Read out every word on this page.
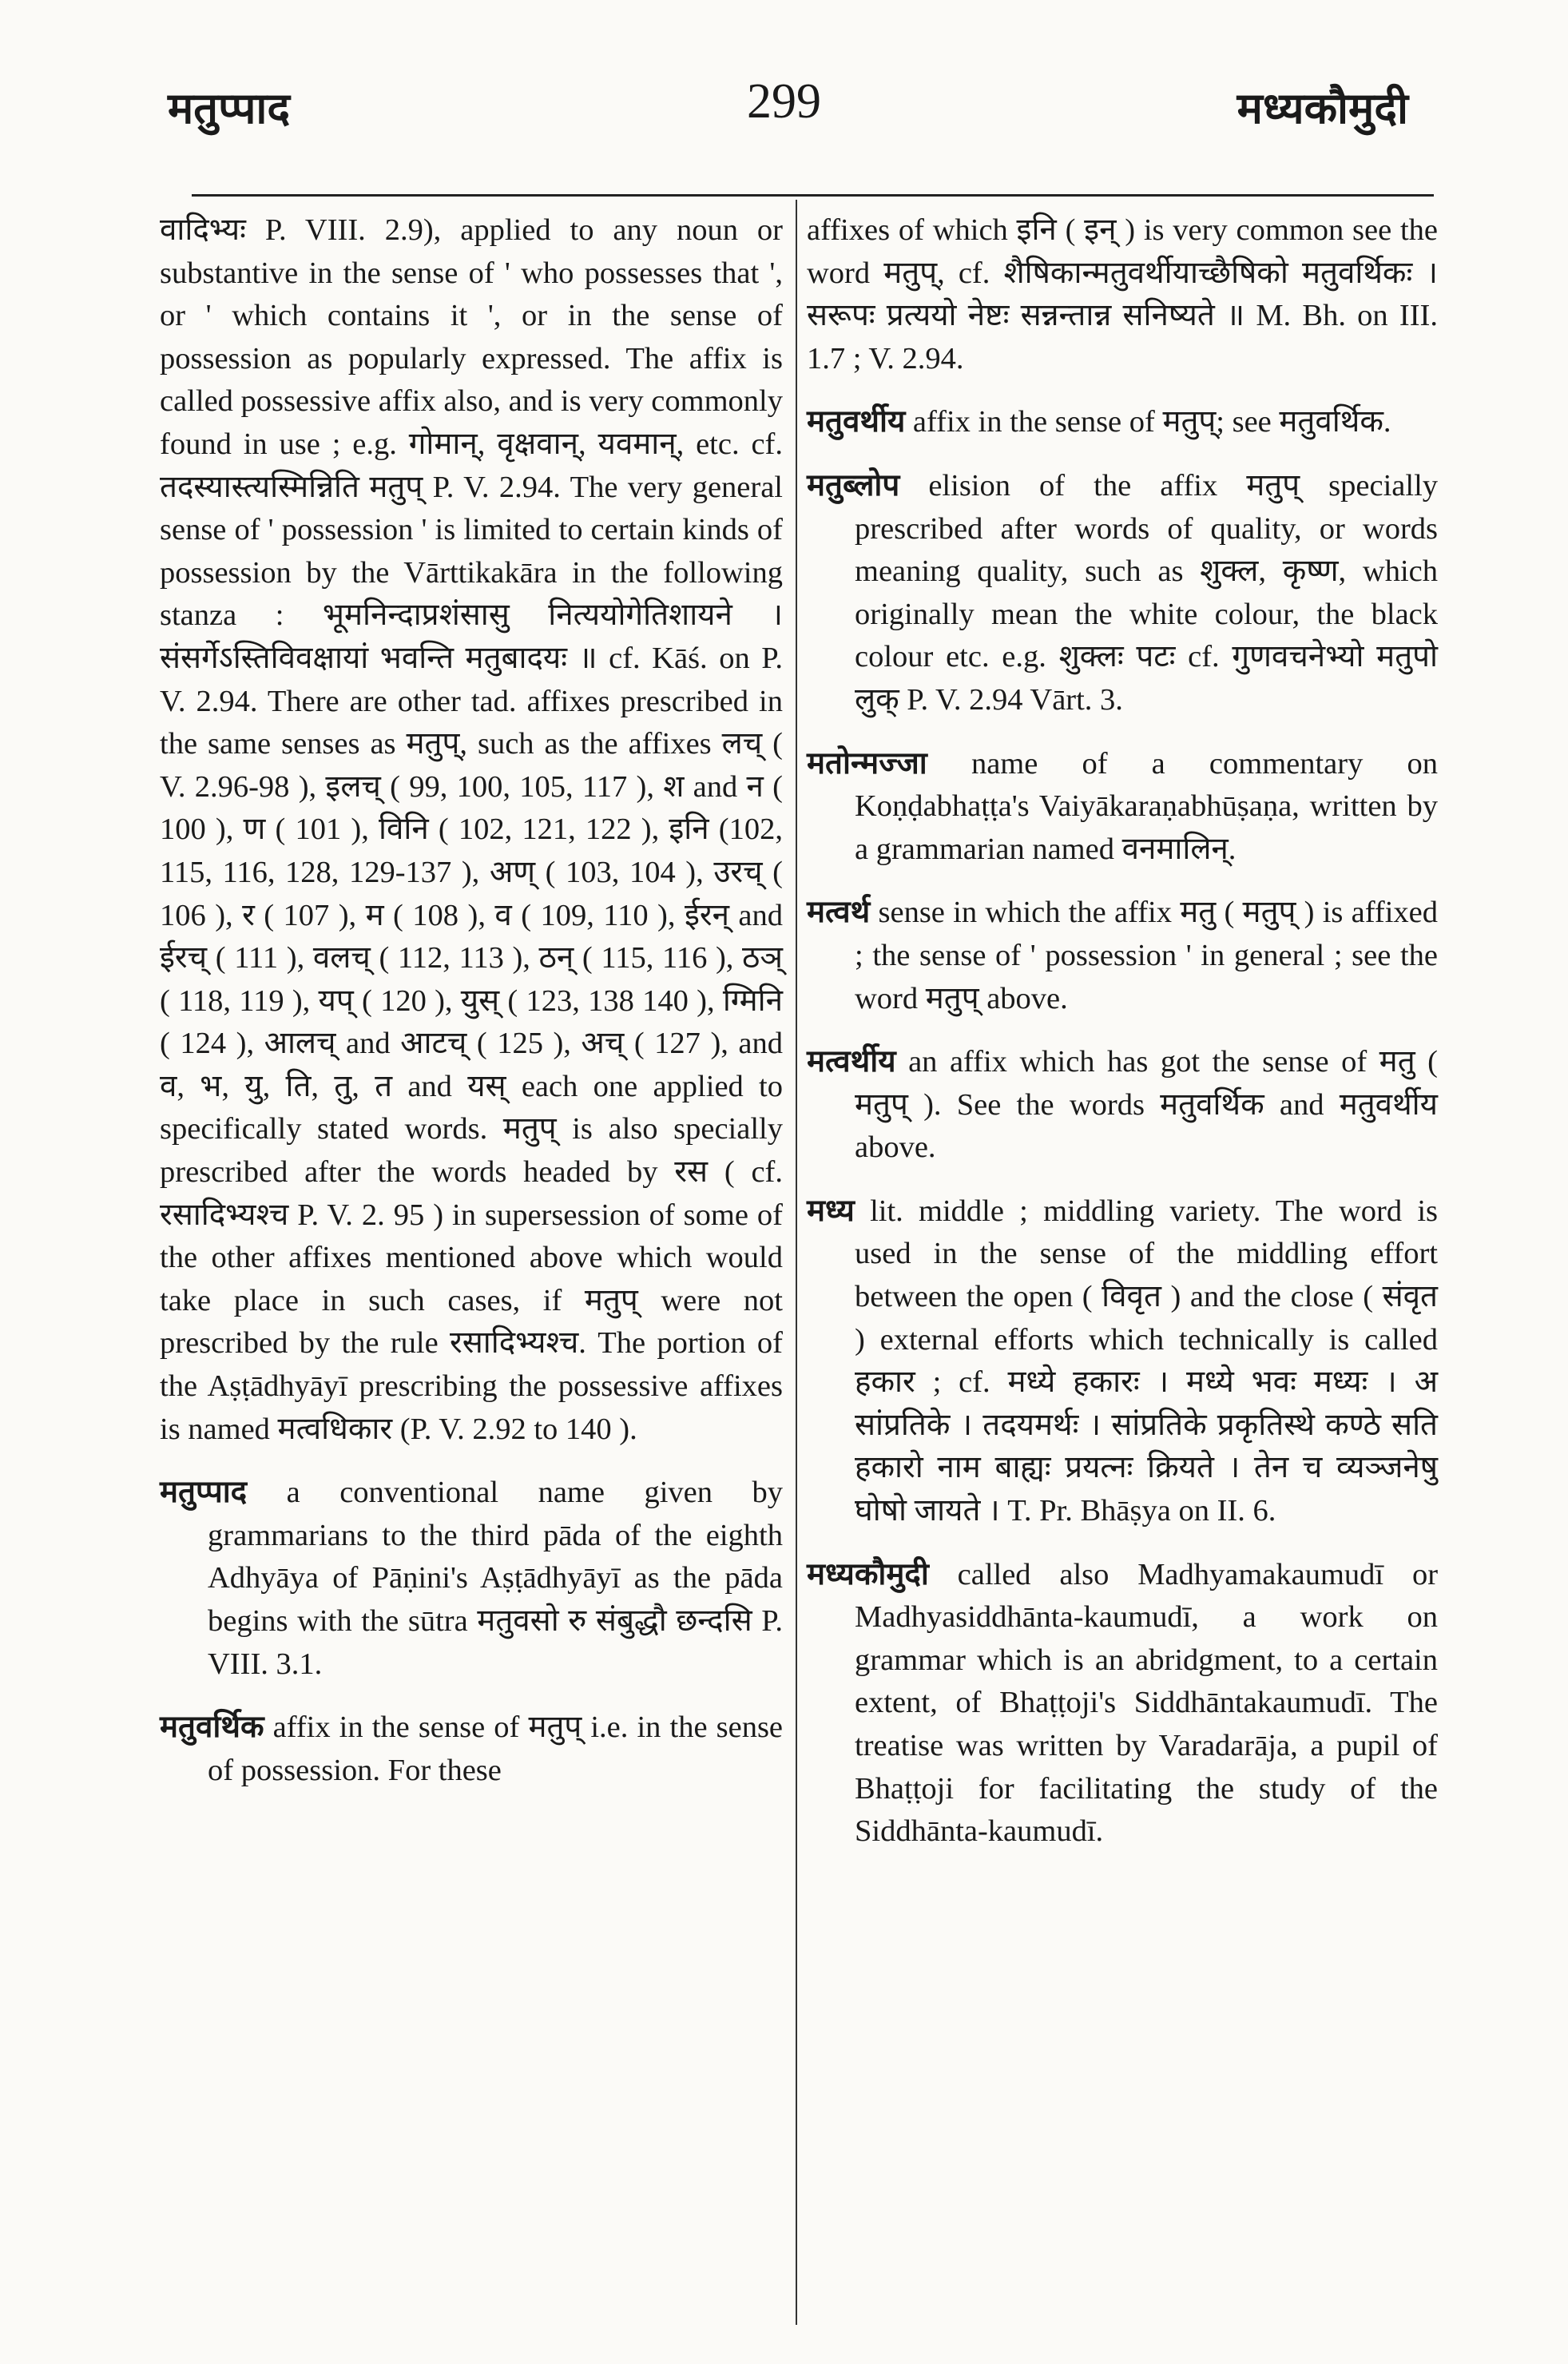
मतुप्पाद	299	मध्यकौमुदी

वादिभ्यः P. VIII. 2.9), applied to any noun or substantive in the sense of ' who possesses that ', or ' which contains it ', or in the sense of possession as popularly expressed. The affix is called possessive affix also, and is very commonly found in use ; e.g. गोमान्, वृक्षवान्, यवमान्, etc. cf. तदस्यास्त्यस्मिन्निति मतुप् P. V. 2.94. The very general sense of ' possession ' is limited to certain kinds of possession by the Vārttikakāra in the following stanza : भूमनिन्दाप्रशंसासु नित्ययोगेतिशायने । संसर्गेऽस्तिविवक्षायां भवन्ति मतुबादयः ॥ cf. Kāś. on P. V. 2.94. There are other tad. affixes prescribed in the same senses as मतुप्, such as the affixes लच् ( V. 2.96-98 ), इलच् ( 99, 100, 105, 117 ), श and न ( 100 ), ण ( 101 ), विनि ( 102, 121, 122 ), इनि (102, 115, 116, 128, 129-137 ), अण् ( 103, 104 ), उरच् ( 106 ), र ( 107 ), म ( 108 ), व ( 109, 110 ), ईरन् and ईरच् ( 111 ), वलच् ( 112, 113 ), ठन् ( 115, 116 ), ठञ् ( 118, 119 ), यप् ( 120 ), युस् ( 123, 138 140 ), ग्मिनि ( 124 ), आलच् and आटच् ( 125 ), अच् ( 127 ), and व, भ, यु, ति, तु, त and यस् each one applied to specifically stated words. मतुप् is also specially prescribed after the words headed by रस ( cf. रसादिभ्यश्च P. V. 2. 95 ) in supersession of some of the other affixes mentioned above which would take place in such cases, if मतुप् were not prescribed by the rule रसादिभ्यश्च. The portion of the Aṣṭādhyāyī prescribing the possessive affixes is named मत्वधिकार (P. V. 2.92 to 140 ).

मतुप्पाद a conventional name given by grammarians to the third pāda of the eighth Adhyāya of Pāṇini's Aṣṭādhyāyī as the pāda begins with the sūtra मतुवसो रु संबुद्धौ छन्दसि P. VIII. 3.1.

मतुवर्थिक affix in the sense of मतुप् i.e. in the sense of possession. For these

affixes of which इनि ( इन् ) is very common see the word मतुप्, cf. शैषिकान्मतुवर्थीयाच्छैषिको मतुवर्थिकः । सरूपः प्रत्ययो नेष्टः सन्नन्तान्न सनिष्यते ॥ M. Bh. on III. 1.7 ; V. 2.94.

मतुवर्थीय affix in the sense of मतुप्; see मतुवर्थिक.

मतुब्लोप elision of the affix मतुप् specially prescribed after words of quality, or words meaning quality, such as शुक्ल, कृष्ण, which originally mean the white colour, the black colour etc. e.g. शुक्लः पटः cf. गुणवचनेभ्यो मतुपो लुक् P. V. 2.94 Vārt. 3.

मतोन्मज्जा name of a commentary on Koṇḍabhaṭṭa's Vaiyākaraṇabhūṣaṇa, written by a grammarian named वनमालिन्.

मत्वर्थ sense in which the affix मतु ( मतुप् ) is affixed ; the sense of ' possession ' in general ; see the word मतुप् above.

मत्वर्थीय an affix which has got the sense of मतु ( मतुप् ). See the words मतुवर्थिक and मतुवर्थीय above.

मध्य lit. middle ; middling variety. The word is used in the sense of the middling effort between the open ( विवृत ) and the close ( संवृत ) external efforts which technically is called हकार ; cf. मध्ये हकारः । मध्ये भवः मध्यः । अ सांप्रतिके । तदयमर्थः । सांप्रतिके प्रकृतिस्थे कण्ठे सति हकारो नाम बाह्यः प्रयत्नः क्रियते । तेन च व्यञ्जनेषु घोषो जायते । T. Pr. Bhāṣya on II. 6.

मध्यकौमुदी called also Madhyamakaumudī or Madhyasiddhānta-kaumudī, a work on grammar which is an abridgment, to a certain extent, of Bhaṭṭoji's Siddhāntakaumudī. The treatise was written by Varadarāja, a pupil of Bhaṭṭoji for facilitating the study of the Siddhānta-kaumudī.
